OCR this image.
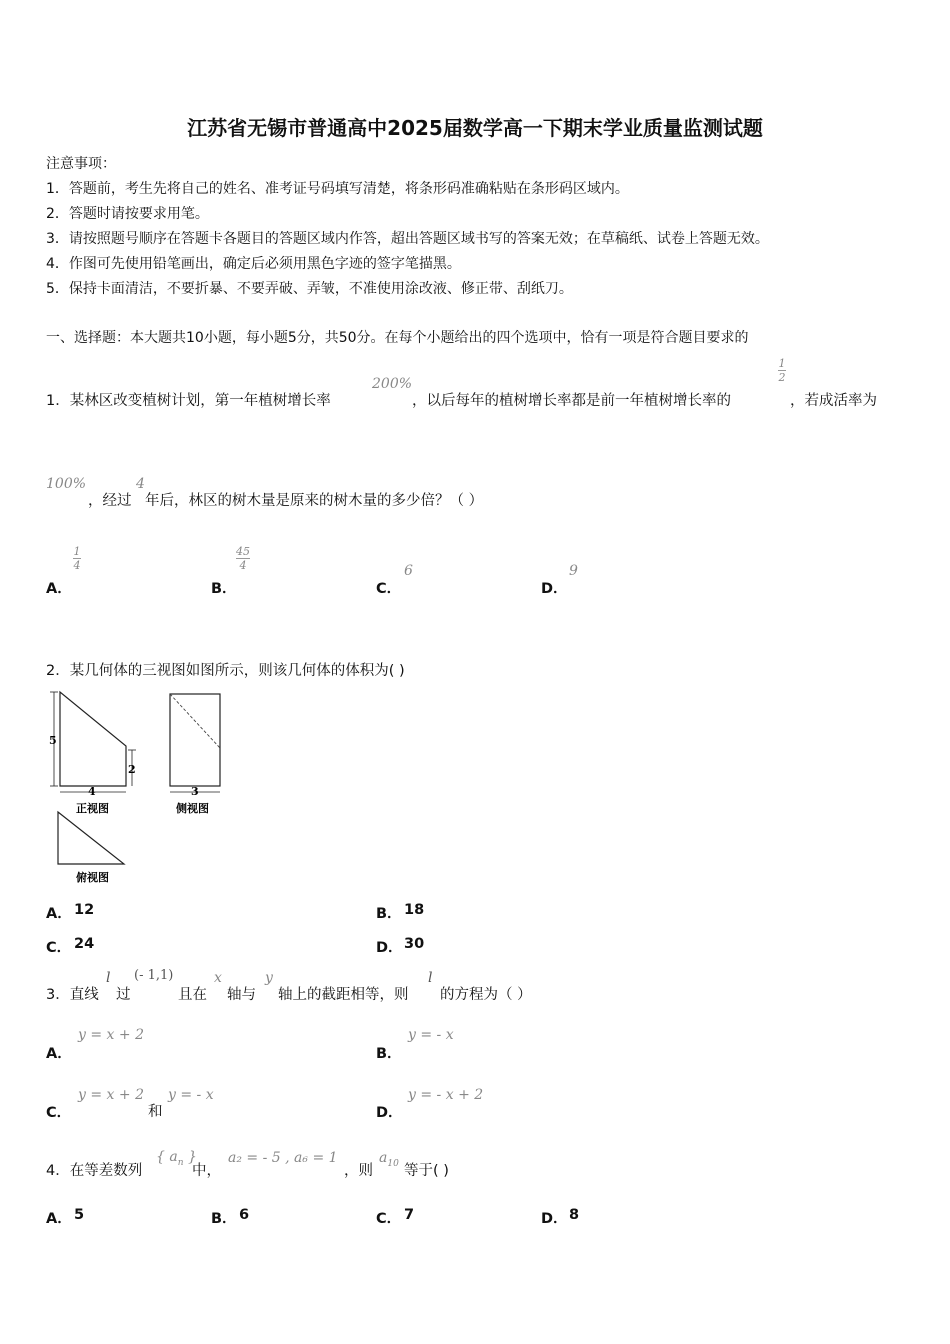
江苏省无锡市普通高中2025届数学高一下期末学业质量监测试题
注意事项：
1．答题前，考生先将自己的姓名、准考证号码填写清楚，将条形码准确粘贴在条形码区域内。
2．答题时请按要求用笔。
3．请按照题号顺序在答题卡各题目的答题区域内作答，超出答题区域书写的答案无效；在草稿纸、试卷上答题无效。
4．作图可先使用铅笔画出，确定后必须用黑色字迹的签字笔描黑。
5．保持卡面清洁，不要折暴、不要弄破、弄皱，不准使用涂改液、修正带、刮纸刀。
一、选择题：本大题共10小题，每小题5分，共50分。在每个小题给出的四个选项中，恰有一项是符合题目要求的
1．某林区改变植树计划，第一年植树增长率
200%
，以后每年的植树增长率都是前一年植树增长率的
1
2
，若成活率为
100%
，经过
4
年后，林区的树木量是原来的树木量的多少倍？（ ）
A．
1
4
B．
45
4
C．
6
D．
9
2．某几何体的三视图如图所示，则该几何体的体积为( )
5
2
4
正视图
3
侧视图
俯视图
A． 12	B． 18
C． 24	D． 30
3．直线
l
过
(- 1,1)
且在
x
轴与
y
轴上的截距相等，则
l
的方程为（ ）
A．
y = x + 2
B．
y = - x
C．
y = x + 2
和
y = - x
D．
y = - x + 2
4．在等差数列
{ $a_n$ }
中，
a₂ = - 5 , a₆ = 1
，则
$a_{10}$ 等于( )
A． 5	B． 6	C． 7	D． 8
